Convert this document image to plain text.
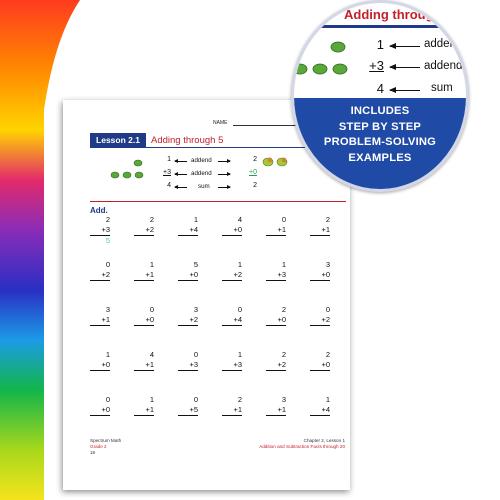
NAME
Lesson 2.1	Adding through 5
1
+3
4
addend
addend
sum
2
+0
2
Add.
2
+3
5
2
+2
1
+4
4
+0
0
+1
2
+1
0
+2
1
+1
5
+0
1
+2
1
+3
3
+0
3
+1
0
+0
3
+2
0
+4
2
+0
0
+2
1
+0
4
+1
0
+3
1
+3
2
+2
2
+0
0
+0
1
+1
0
+5
2
+1
3
+1
1
+4
Spectrum Math
Grade 2
18
Chapter 2, Lesson 1
Addition and Subtraction Facts through 20
Adding through 5
1
+3
4
addend
addend
sum
INCLUDES
STEP BY STEP
PROBLEM-SOLVING
EXAMPLES
